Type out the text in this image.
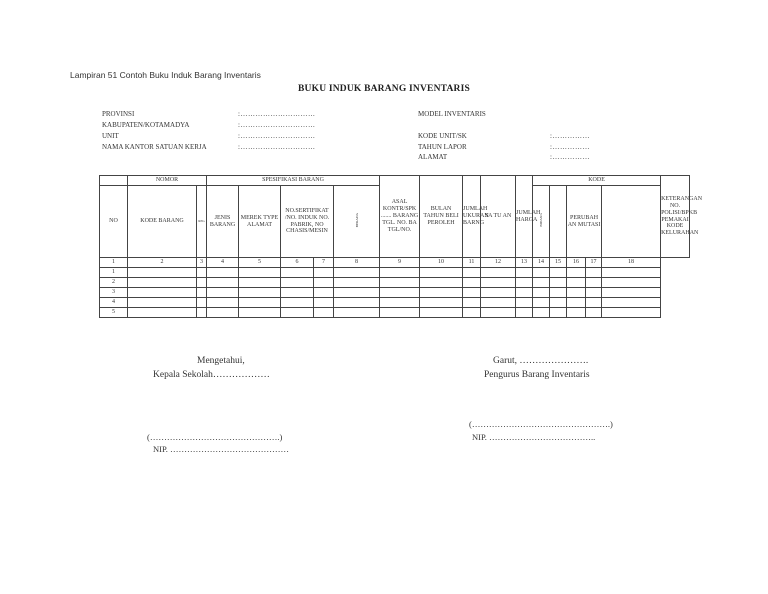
Lampiran 51 Contoh Buku Induk Barang Inventaris
BUKU INDUK BARANG INVENTARIS
PROVINSI	:…………………………
KABUPATEN/KOTAMADYA	:…………………………
UNIT	:…………………………
NAMA KANTOR SATUAN KERJA	:…………………………
MODEL INVENTARIS
KODE UNIT/SK	:……………
TAHUN LAPOR	:……………
ALAMAT	:……………
	NOMOR		SPESIFIKASI BARANG					ASAL KONTR/SPK ....... BARANG TGL. NO. BA TGL/NO.	BULAN TAHUN BELI PEROLEH	JUMLAH UKURAN BARNG	SA TU AN	JUMLAH HARGA	KODE					KETERANGAN NO. POLISI/BPKB PEMAKAI KODE KELURAHAN
NO	KODE BARANG	REG	JENIS BARANG	MEREK TYPE ALAMAT	NO.SERTIFIKAT /NO. INDUK NO. PABRIK, NO CHASIS/MESIN		BERADA						BIDANG		PERUBAH AN MUTASI			
1	2	3	4	5	6	7	8	9	10	11	12	13	14	15	16	17	18	
1																		
2																		
3																		
4																		
5																		
Mengetahui,
Kepala Sekolah………………
(……………………………………….)
NIP. ……………………………………
Garut, ………………….
Pengurus Barang Inventaris
(………………………………………….)
NIP. ………………………………..
